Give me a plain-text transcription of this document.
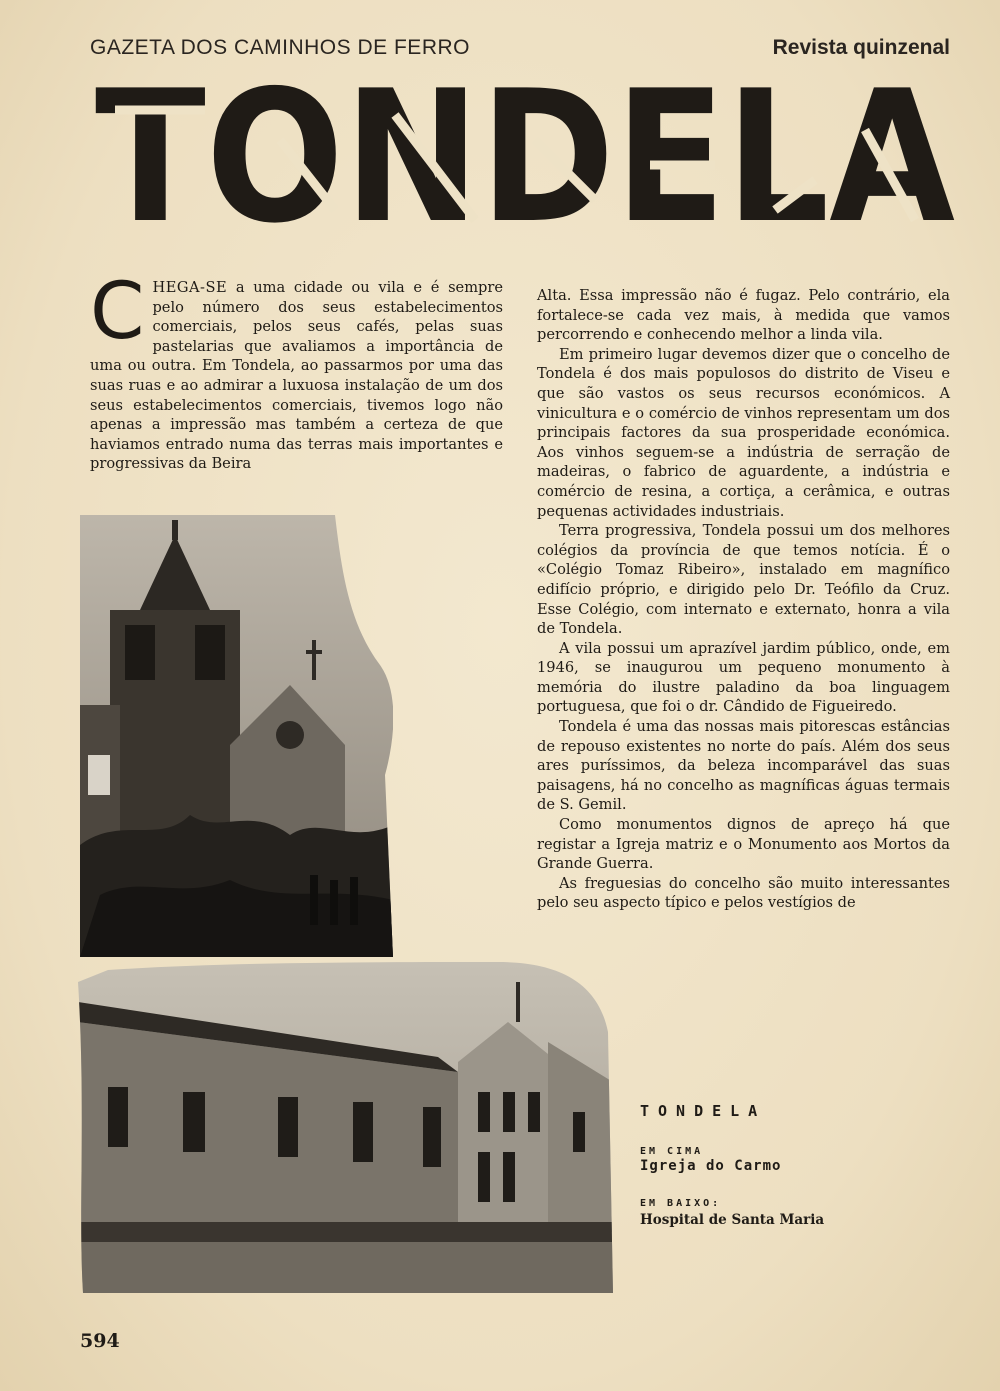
GAZETA DOS CAMINHOS DE FERRO	Revista quinzenal
TONDELA

CHEGA-SE a uma cidade ou vila e é sempre pelo número dos seus estabelecimentos comerciais, pelos seus cafés, pelas suas pastelarias que avaliamos a importância de uma ou outra. Em Tondela, ao passarmos por uma das suas ruas e ao admirar a luxuosa instalação de um dos seus estabelecimentos comerciais, tivemos logo não apenas a impressão mas também a certeza de que haviamos entrado numa das terras mais importantes e progressivas da Beira

Alta. Essa impressão não é fugaz. Pelo contrário, ela fortalece-se cada vez mais, à medida que vamos percorrendo e conhecendo melhor a linda vila.

Em primeiro lugar devemos dizer que o concelho de Tondela é dos mais populosos do distrito de Viseu e que são vastos os seus recursos económicos. A vinicultura e o comércio de vinhos representam um dos principais factores da sua prosperidade económica. Aos vinhos seguem-se a indústria de serração de madeiras, o fabrico de aguardente, a indústria e comércio de resina, a cortiça, a cerâmica, e outras pequenas actividades industriais.

Terra progressiva, Tondela possui um dos melhores colégios da província de que temos notícia. É o «Colégio Tomaz Ribeiro», instalado em magnífico edifício próprio, e dirigido pelo Dr. Teófilo da Cruz. Esse Colégio, com internato e externato, honra a vila de Tondela.

A vila possui um aprazível jardim público, onde, em 1946, se inaugurou um pequeno monumento à memória do ilustre paladino da boa linguagem portuguesa, que foi o dr. Cândido de Figueiredo.

Tondela é uma das nossas mais pitorescas estâncias de repouso existentes no norte do país. Além dos seus ares puríssimos, da beleza incomparável das suas paisagens, há no concelho as magníficas águas termais de S. Gemil.

Como monumentos dignos de apreço há que registar a Igreja matriz e o Monumento aos Mortos da Grande Guerra.

As freguesias do concelho são muito interessantes pelo seu aspecto típico e pelos vestígios de

TONDELA
EM CIMA
Igreja do Carmo
EM BAIXO:
Hospital de Santa Maria
594
